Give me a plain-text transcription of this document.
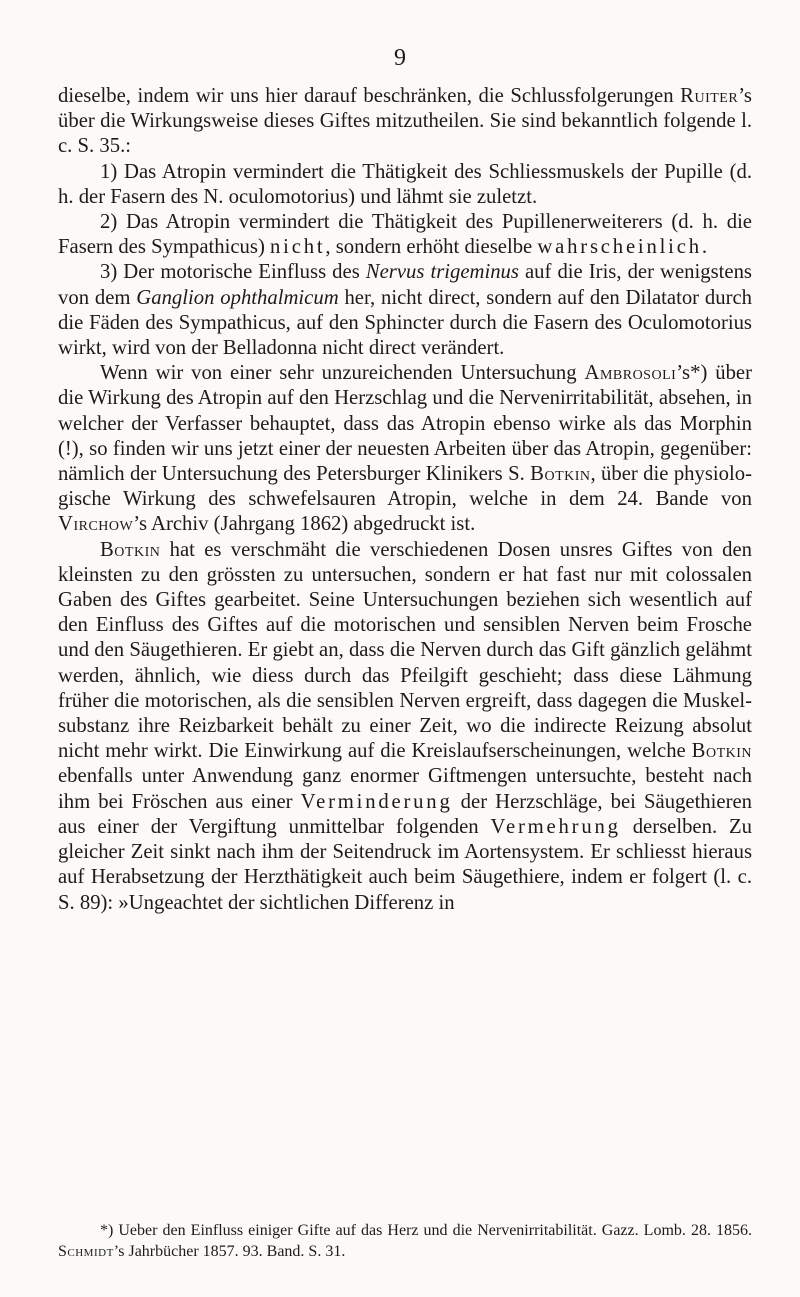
9

dieselbe, indem wir uns hier darauf beschränken, die Schlussfolgerungen Ruiter’s über die Wirkungsweise dieses Giftes mitzutheilen. Sie sind bekanntlich folgende l. c. S. 35.:

1) Das Atropin vermindert die Thätigkeit des Schliessmuskels der Pupille (d. h. der Fasern des N. oculomotorius) und lähmt sie zuletzt.

2) Das Atropin vermindert die Thätigkeit des Pupillenerweiterers (d. h. die Fasern des Sympathicus) nicht, sondern erhöht dieselbe wahrscheinlich.

3) Der motorische Einfluss des Nervus trigeminus auf die Iris, der wenigstens von dem Ganglion ophthalmicum her, nicht direct, sondern auf den Dilatator durch die Fäden des Sympathicus, auf den Sphincter durch die Fasern des Oculomotorius wirkt, wird von der Belladonna nicht direct verändert.

Wenn wir von einer sehr unzureichenden Untersuchung Ambrosoli’s*) über die Wirkung des Atropin auf den Herzschlag und die Nervenirritabilität, absehen, in welcher der Verfasser behauptet, dass das Atropin ebenso wirke als das Morphin (!), so finden wir uns jetzt einer der neuesten Arbeiten über das Atropin, gegenüber: nämlich der Untersuchung des Petersburger Klinikers S. Botkin, über die physiologische Wirkung des schwefelsauren Atropin, welche in dem 24. Bande von Virchow’s Archiv (Jahrgang 1862) abgedruckt ist.

Botkin hat es verschmäht die verschiedenen Dosen unsres Giftes von den kleinsten zu den grössten zu untersuchen, sondern er hat fast nur mit colossalen Gaben des Giftes gearbeitet. Seine Untersuchungen beziehen sich wesentlich auf den Einfluss des Giftes auf die motorischen und sensiblen Nerven beim Frosche und den Säugethieren. Er giebt an, dass die Nerven durch das Gift gänzlich gelähmt werden, ähnlich, wie diess durch das Pfeilgift geschieht; dass diese Lähmung früher die motorischen, als die sensiblen Nerven ergreift, dass dagegen die Muskelsubstanz ihre Reizbarkeit behält zu einer Zeit, wo die indirecte Reizung absolut nicht mehr wirkt. Die Einwirkung auf die Kreislaufserscheinungen, welche Botkin ebenfalls unter Anwendung ganz enormer Giftmengen untersuchte, besteht nach ihm bei Fröschen aus einer Verminderung der Herzschläge, bei Säugethieren aus einer der Vergiftung unmittelbar folgenden Vermehrung derselben. Zu gleicher Zeit sinkt nach ihm der Seitendruck im Aortensystem. Er schliesst hieraus auf Herabsetzung der Herzthätigkeit auch beim Säugethiere, indem er folgert (l. c. S. 89): »Ungeachtet der sichtlichen Differenz in

*) Ueber den Einfluss einiger Gifte auf das Herz und die Nervenirritabilität. Gazz. Lomb. 28. 1856. Schmidt’s Jahrbücher 1857. 93. Band. S. 31.
